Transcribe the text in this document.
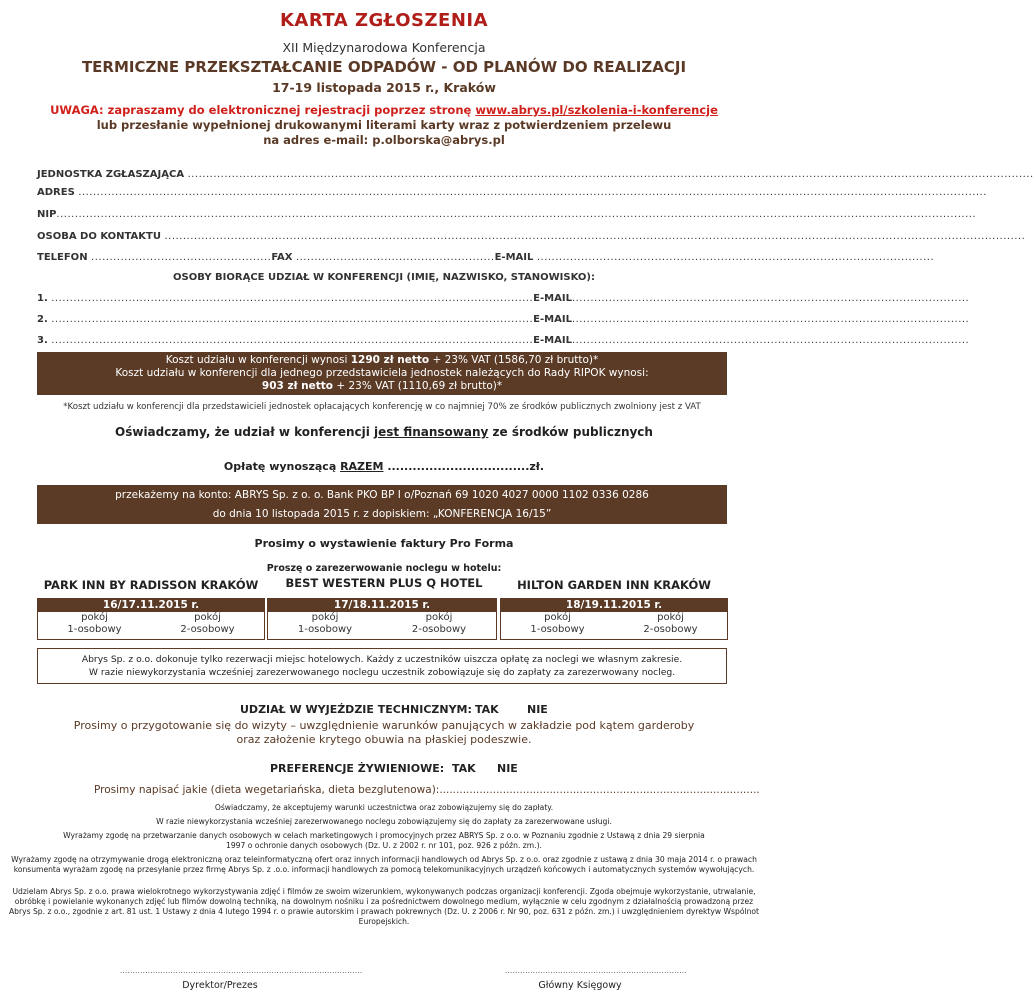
KARTA ZGŁOSZENIA
XII Międzynarodowa Konferencja
TERMICZNE PRZEKSZTAŁCANIE ODPADÓW - OD PLANÓW DO REALIZACJI
17-19 listopada 2015 r., Kraków
UWAGA: zapraszamy do elektronicznej rejestracji poprzez stronę www.abrys.pl/szkolenia-i-konferencje
lub przesłanie wypełnionej drukowanymi literami karty wraz z potwierdzeniem przelewu
na adres e-mail: p.olborska@abrys.pl
JEDNOSTKA ZGŁASZAJĄCA ......................................................................................................................................................................................................................................
ADRES .......................................................................................................................................................................................................................................................
NIP..........................................................................................................................................................................................................................................................
OSOBA DO KONTAKTU ..........................................................................................................................................................................................................................................
TELEFON .................................................FAX ......................................................E-MAIL ............................................................................................................
OSOBY BIORĄCE UDZIAŁ W KONFERENCJI (IMIĘ, NAZWISKO, STANOWISKO):
1. ...................................................................................................................................E-MAIL............................................................................................................
2. ...................................................................................................................................E-MAIL............................................................................................................
3. ...................................................................................................................................E-MAIL............................................................................................................
Koszt udziału w konferencji wynosi 1290 zł netto + 23% VAT (1586,70 zł brutto)*
Koszt udziału w konferencji dla jednego przedstawiciela jednostek należących do Rady RIPOK wynosi:
903 zł netto + 23% VAT (1110,69 zł brutto)*
*Koszt udziału w konferencji dla przedstawicieli jednostek opłacających konferencję w co najmniej 70% ze środków publicznych zwolniony jest z VAT
Oświadczamy, że udział w konferencji jest finansowany ze środków publicznych
Opłatę wynoszącą RAZEM ..................................zł.
przekażemy na konto: ABRYS Sp. z o. o. Bank PKO BP I o/Poznań 69 1020 4027 0000 1102 0336 0286
do dnia 10 listopada 2015 r. z dopiskiem: „KONFERENCJA 16/15”
Prosimy o wystawienie faktury Pro Forma
Proszę o zarezerwowanie noclegu w hotelu:
PARK INN BY RADISSON KRAKÓW	BEST WESTERN PLUS Q HOTEL	HILTON GARDEN INN KRAKÓW
16/17.11.2015 r.
pokój
1-osobowy
pokój
2-osobowy
17/18.11.2015 r.
pokój
1-osobowy
pokój
2-osobowy
18/19.11.2015 r.
pokój
1-osobowy
pokój
2-osobowy
Abrys Sp. z o.o. dokonuje tylko rezerwacji miejsc hotelowych. Każdy z uczestników uiszcza opłatę za noclegi we własnym zakresie.
W razie niewykorzystania wcześniej zarezerwowanego noclegu uczestnik zobowiązuje się do zapłaty za zarezerwowany nocleg.
UDZIAŁ W WYJEŹDZIE TECHNICZNYM: TAK	NIE
Prosimy o przygotowanie się do wizyty – uwzględnienie warunków panujących w zakładzie pod kątem garderoby
oraz założenie krytego obuwia na płaskiej podeszwie.
PREFERENCJE ŻYWIENIOWE: TAK NIE
Prosimy napisać jakie (dieta wegetariańska, dieta bezglutenowa):................................................................................................
Oświadczamy, że akceptujemy warunki uczestnictwa oraz zobowiązujemy się do zapłaty.
W razie niewykorzystania wcześniej zarezerwowanego noclegu zobowiązujemy się do zapłaty za zarezerwowane usługi.
Wyrażamy zgodę na przetwarzanie danych osobowych w celach marketingowych i promocyjnych przez ABRYS Sp. z o.o. w Poznaniu zgodnie z Ustawą z dnia 29 sierpnia 1997 o ochronie danych osobowych (Dz. U. z 2002 r. nr 101, poz. 926 z późn. zm.).
Wyrażamy zgodę na otrzymywanie drogą elektroniczną oraz teleinformatyczną ofert oraz innych informacji handlowych od Abrys Sp. z o.o. oraz zgodnie z ustawą z dnia 30 maja 2014 r. o prawach konsumenta wyrażam zgodę na przesyłanie przez firmę Abrys Sp. z .o.o. informacji handlowych za pomocą telekomunikacyjnych urządzeń końcowych i automatycznych systemów wywołujących.
Udzielam Abrys Sp. z o.o. prawa wielokrotnego wykorzystywania zdjęć i filmów ze swoim wizerunkiem, wykonywanych podczas organizacji konferencji. Zgoda obejmuje wykorzystanie, utrwalanie, obróbkę i powielanie wykonanych zdjęć lub filmów dowolną techniką, na dowolnym nośniku i za pośrednictwem dowolnego medium, wyłącznie w celu zgodnym z działalnością prowadzoną przez Abrys Sp. z o.o., zgodnie z art. 81 ust. 1 Ustawy z dnia 4 lutego 1994 r. o prawie autorskim i prawach pokrewnych (Dz. U. z 2006 r. Nr 90, poz. 631 z późn. zm.) i uwzględnieniem dyrektyw Wspólnot Europejskich.
................................................................................................
Dyrektor/Prezes
........................................................................
Główny Księgowy
